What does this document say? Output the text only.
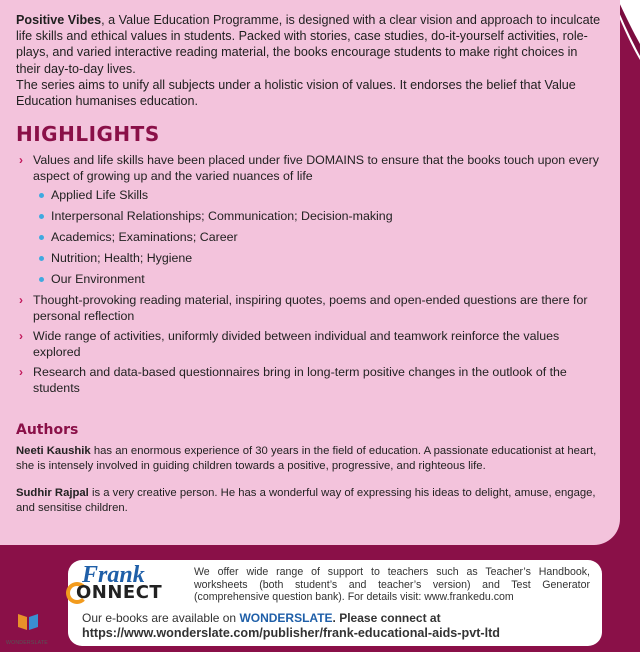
Positive Vibes, a Value Education Programme, is designed with a clear vision and approach to inculcate life skills and ethical values in students. Packed with stories, case studies, do-it-yourself activities, role-plays, and varied interactive reading material, the books encourage students to make right choices in their day-to-day lives.

The series aims to unify all subjects under a holistic vision of values. It endorses the belief that Value Education humanises education.

HIGHLIGHTS
› Values and life skills have been placed under five DOMAINS to ensure that the books touch upon every aspect of growing up and the varied nuances of life
Applied Life Skills
Interpersonal Relationships; Communication; Decision-making
Academics; Examinations; Career
Nutrition; Health; Hygiene
Our Environment
› Thought-provoking reading material, inspiring quotes, poems and open-ended questions are there for personal reflection
› Wide range of activities, uniformly divided between individual and teamwork reinforce the values explored
› Research and data-based questionnaires bring in long-term positive changes in the outlook of the students
Authors

Neeti Kaushik has an enormous experience of 30 years in the field of education. A passionate educationist at heart, she is intensely involved in guiding children towards a positive, progressive, and righteous life.

Sudhir Rajpal is a very creative person. He has a wonderful way of expressing his ideas to delight, amuse, engage, and sensitise children.

Frank
ONNECT

We offer wide range of support to teachers such as Teacher’s Handbook, worksheets (both student’s and teacher’s version) and Test Generator (comprehensive question bank). For details visit: www.frankedu.com

WONDERSLATE
Our e-books are available on WONDERSLATE. Please connect at
https://www.wonderslate.com/publisher/frank-educational-aids-pvt-ltd
